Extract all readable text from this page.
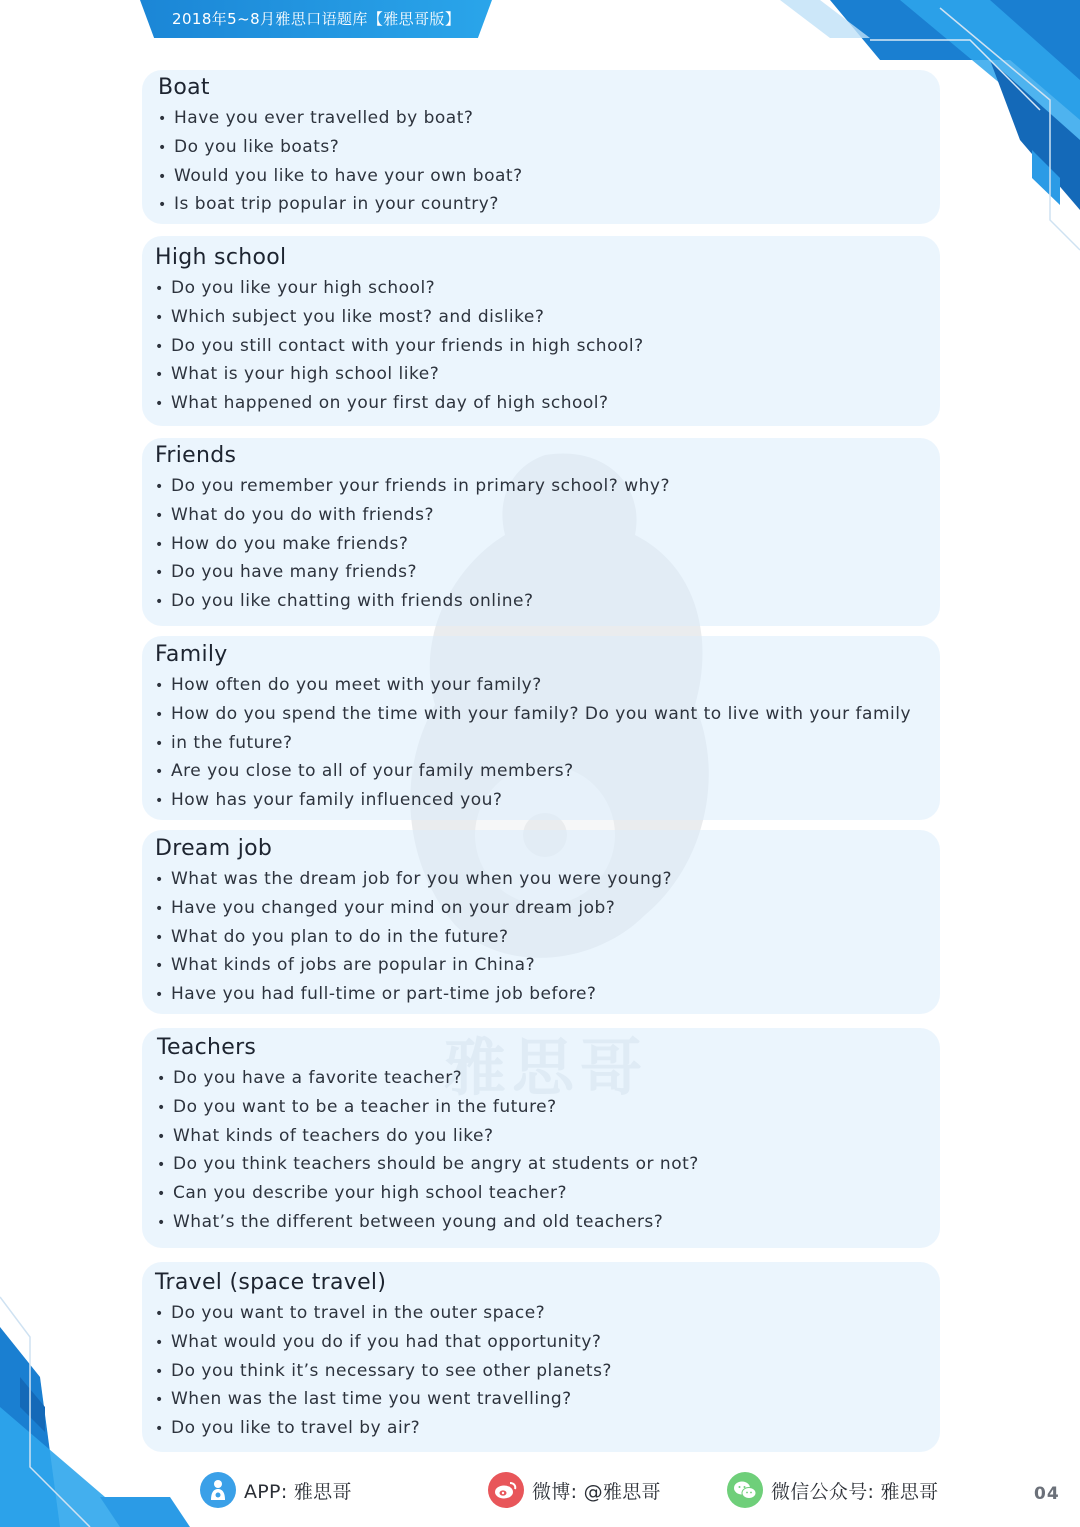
2018年5~8月雅思口语题库【雅思哥版】
Boat
• Have you ever travelled by boat?
• Do you like boats?
• Would you like to have your own boat?
• Is boat trip popular in your country?
High school
• Do you like your high school?
• Which subject you like most? and dislike?
• Do you still contact with your friends in high school?
• What is your high school like?
• What happened on your first day of high school?
Friends
• Do you remember your friends in primary school? why?
• What do you do with friends?
• How do you make friends?
• Do you have many friends?
• Do you like chatting with friends online?
Family
• How often do you meet with your family?
• How do you spend the time with your family? Do you want to live with your family
• in the future?
• Are you close to all of your family members?
• How has your family influenced you?
Dream job
• What was the dream job for you when you were young?
• Have you changed your mind on your dream job?
• What do you plan to do in the future?
• What kinds of jobs are popular in China?
• Have you had full-time or part-time job before?
Teachers
• Do you have a favorite teacher?
• Do you want to be a teacher in the future?
• What kinds of teachers do you like?
• Do you think teachers should be angry at students or not?
• Can you describe your high school teacher?
• What’s the different between young and old teachers?
Travel (space travel)
• Do you want to travel in the outer space?
• What would you do if you had that opportunity?
• Do you think it’s necessary to see other planets?
• When was the last time you went travelling?
• Do you like to travel by air?
APP: 雅思哥	微博: @雅思哥	微信公众号: 雅思哥	04
